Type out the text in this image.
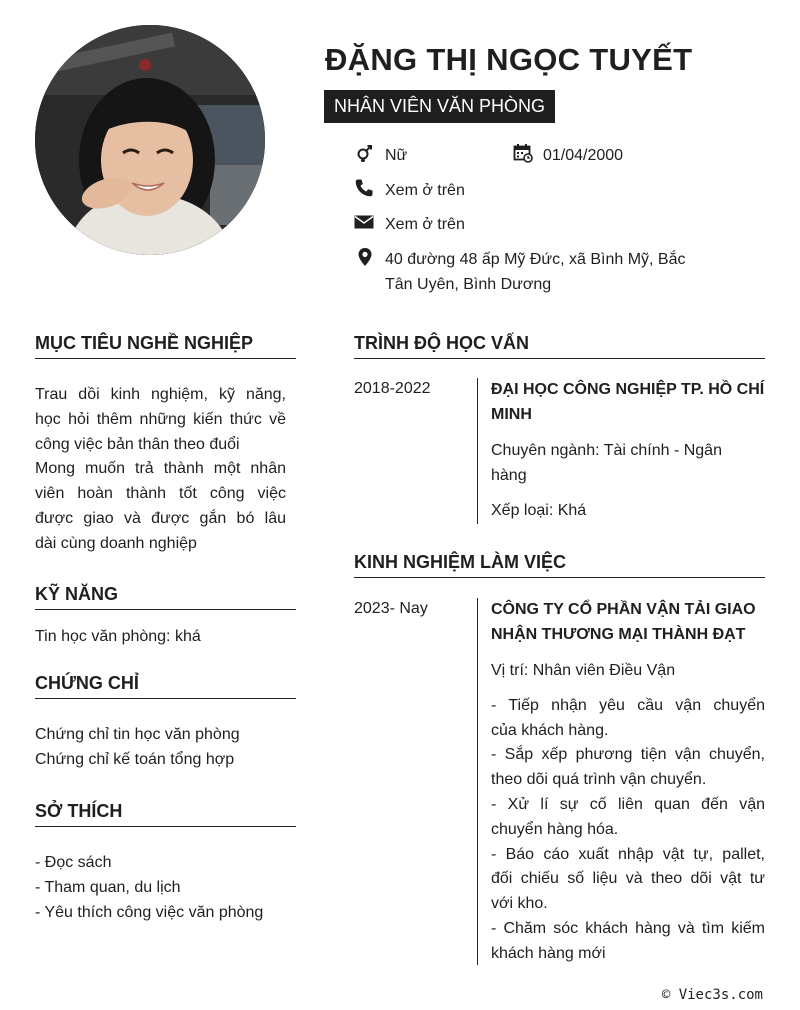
ĐẶNG THỊ NGỌC TUYẾT
NHÂN VIÊN VĂN PHÒNG
Nữ	01/04/2000
Xem ở trên
Xem ở trên
40 đường 48 ấp Mỹ Đức, xã Bình Mỹ, Bắc
Tân Uyên, Bình Dương
MỤC TIÊU NGHỀ NGHIỆP
Trau dồi kinh nghiệm, kỹ năng,
học hỏi thêm những kiến thức về
công việc bản thân theo đuổi
Mong muốn trả thành một nhân
viên hoàn thành tốt công việc
được giao và được gắn bó lâu
dài cùng doanh nghiệp
KỸ NĂNG
Tin học văn phòng: khá
CHỨNG CHỈ
Chứng chỉ tin học văn phòng
Chứng chỉ kế toán tổng hợp
SỞ THÍCH
- Đọc sách
- Tham quan, du lịch
- Yêu thích công việc văn phòng
TRÌNH ĐỘ HỌC VẤN
2018-2022	ĐẠI HỌC CÔNG NGHIỆP TP. HỒ CHÍ
MINH
Chuyên ngành: Tài chính - Ngân
hàng
Xếp loại: Khá
KINH NGHIỆM LÀM VIỆC
2023- Nay	CÔNG TY CỔ PHẦN VẬN TẢI GIAO
NHẬN THƯƠNG MẠI THÀNH ĐẠT
Vị trí: Nhân viên Điều Vận
- Tiếp nhận yêu cầu vận chuyển
của khách hàng.
- Sắp xếp phương tiện vận chuyển,
theo dõi quá trình vận chuyển.
- Xử lí sự cố liên quan đến vận
chuyển hàng hóa.
- Báo cáo xuất nhập vật tự, pallet,
đối chiếu số liệu và theo dõi vật tư
với kho.
- Chăm sóc khách hàng và tìm kiếm
khách hàng mới
© Viec3s.com
